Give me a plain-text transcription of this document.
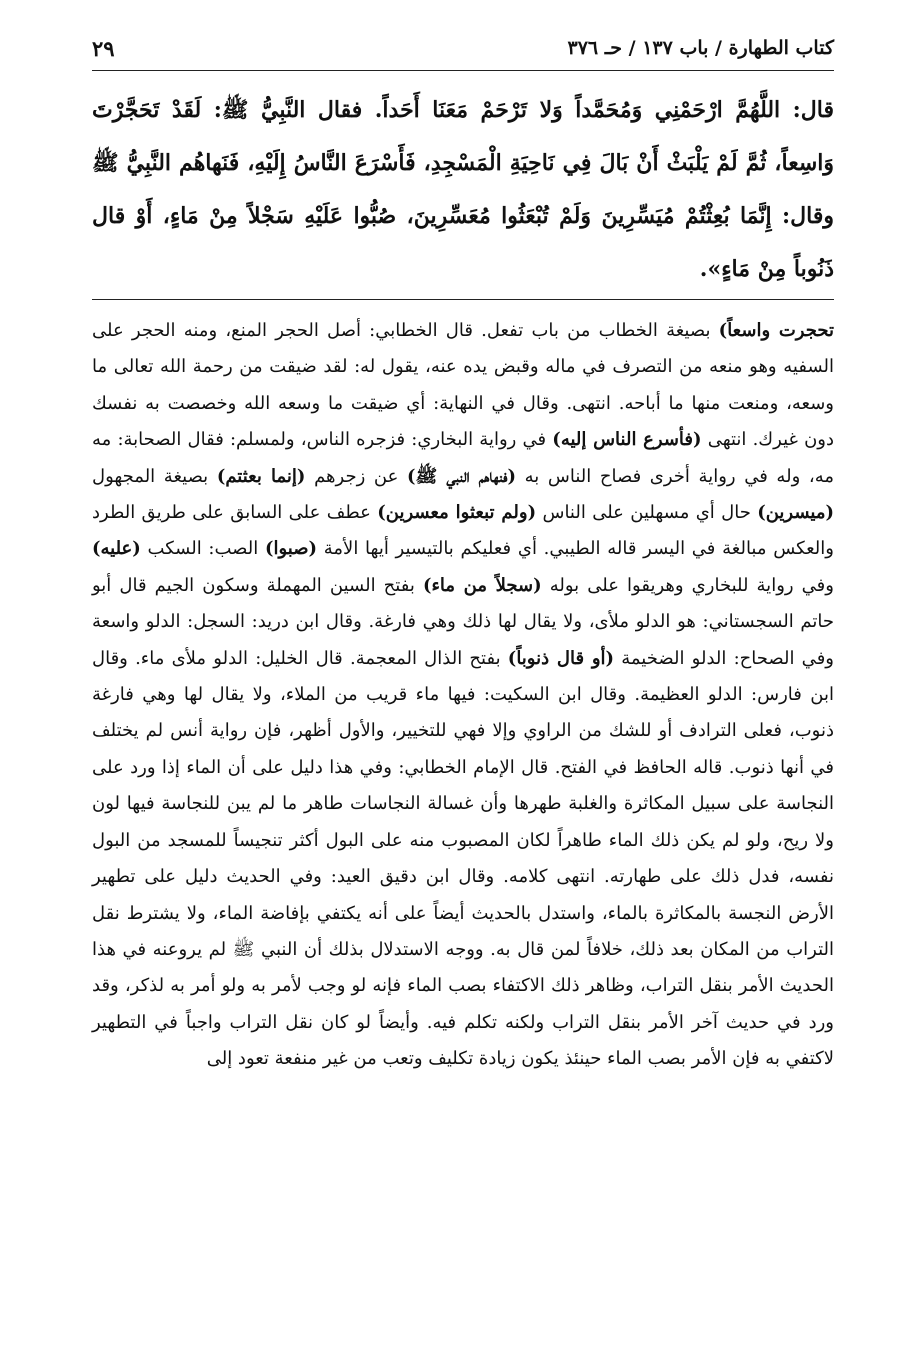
٢٩	كتاب الطهارة / باب ١٣٧ / حـ ٣٧٦

قال: اللَّهُمَّ ارْحَمْنِي وَمُحَمَّداً وَلا تَرْحَمْ مَعَنَا أَحَداً. فقال النَّبِيُّ ﷺ: لَقَدْ تَحَجَّرْتَ وَاسِعاً، ثُمَّ لَمْ يَلْبَثْ أَنْ بَالَ فِي نَاحِيَةِ الْمَسْجِدِ، فَأَسْرَعَ النَّاسُ إِلَيْهِ، فَنَهاهُم النَّبِيُّ ﷺ وقال: إِنَّمَا بُعِثْتُمْ مُيَسِّرِينَ وَلَمْ تُبْعَثُوا مُعَسِّرِينَ، صُبُّوا عَلَيْهِ سَجْلاً مِنْ مَاءٍ، أَوْ قال ذَنُوباً مِنْ مَاءٍ».

تحجرت واسعاً) بصيغة الخطاب من باب تفعل. قال الخطابي: أصل الحجر المنع، ومنه الحجر على السفيه وهو منعه من التصرف في ماله وقبض يده عنه، يقول له: لقد ضيقت من رحمة الله تعالى ما وسعه، ومنعت منها ما أباحه. انتهى. وقال في النهاية: أي ضيقت ما وسعه الله وخصصت به نفسك دون غيرك. انتهى (فأسرع الناس إليه) في رواية البخاري: فزجره الناس، ولمسلم: فقال الصحابة: مه مه، وله في رواية أخرى فصاح الناس به (فنهاهم النبي ﷺ) عن زجرهم (إنما بعثتم) بصيغة المجهول (ميسرين) حال أي مسهلين على الناس (ولم تبعثوا معسرين) عطف على السابق على طريق الطرد والعكس مبالغة في اليسر قاله الطيبي. أي فعليكم بالتيسير أيها الأمة (صبوا) الصب: السكب (عليه) وفي رواية للبخاري وهريقوا على بوله (سجلاً من ماء) بفتح السين المهملة وسكون الجيم قال أبو حاتم السجستاني: هو الدلو ملأى، ولا يقال لها ذلك وهي فارغة. وقال ابن دريد: السجل: الدلو واسعة وفي الصحاح: الدلو الضخيمة (أو قال ذنوباً) بفتح الذال المعجمة. قال الخليل: الدلو ملأى ماء. وقال ابن فارس: الدلو العظيمة. وقال ابن السكيت: فيها ماء قريب من الملاء، ولا يقال لها وهي فارغة ذنوب، فعلى الترادف أو للشك من الراوي وإلا فهي للتخيير، والأول أظهر، فإن رواية أنس لم يختلف في أنها ذنوب. قاله الحافظ في الفتح. قال الإمام الخطابي: وفي هذا دليل على أن الماء إذا ورد على النجاسة على سبيل المكاثرة والغلبة طهرها وأن غسالة النجاسات طاهر ما لم يبن للنجاسة فيها لون ولا ريح، ولو لم يكن ذلك الماء طاهراً لكان المصبوب منه على البول أكثر تنجيساً للمسجد من البول نفسه، فدل ذلك على طهارته. انتهى كلامه. وقال ابن دقيق العيد: وفي الحديث دليل على تطهير الأرض النجسة بالمكاثرة بالماء، واستدل بالحديث أيضاً على أنه يكتفي بإفاضة الماء، ولا يشترط نقل التراب من المكان بعد ذلك، خلافاً لمن قال به. ووجه الاستدلال بذلك أن النبي ﷺ لم يروعنه في هذا الحديث الأمر بنقل التراب، وظاهر ذلك الاكتفاء بصب الماء فإنه لو وجب لأمر به ولو أمر به لذكر، وقد ورد في حديث آخر الأمر بنقل التراب ولكنه تكلم فيه. وأيضاً لو كان نقل التراب واجباً في التطهير لاكتفي به فإن الأمر بصب الماء حينئذ يكون زيادة تكليف وتعب من غير منفعة تعود إلى
